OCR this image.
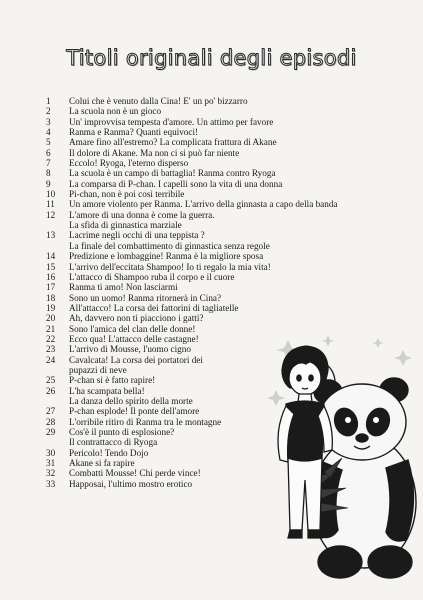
Titoli originali degli episodi
1	Colui che è venuto dalla Cina! E' un po' bizzarro
2	La scuola non è un gioco
3	Un' improvvisa tempesta d'amore. Un attimo per favore
4	Ranma e Ranma? Quanti equivoci!
5	Amare fino all'estremo? La complicata frattura di Akane
6	Il dolore di Akane. Ma non ci si può far niente
7	Eccolo! Ryoga, l'eterno disperso
8	La scuola è un campo di battaglia! Ranma contro Ryoga
9	La comparsa di P-chan. I capelli sono la vita di una donna
10	Pi-chan, non è poi così terribile
11	Un amore violento per Ranma. L'arrivo della ginnasta a capo della banda
12	L'amore di una donna è come la guerra.
La sfida di ginnastica marziale
13	Lacrime negli occhi di una teppista ?
La finale del combattimento di ginnastica senza regole
14	Predizione e lombaggine! Ranma è la migliore sposa
15	L'arrivo dell'eccitata Shampoo! Io ti regalo la mia vita!
16	L'attacco di Shampoo ruba il corpo e il cuore
17	Ranma ti amo! Non lasciarmi
18	Sono un uomo! Ranma ritornerà in Cina?
19	All'attacco! La corsa dei fattorini di tagliatelle
20	Ah, davvero non ti piacciono i gatti?
21	Sono l'amica del clan delle donne!
22	Ecco qua! L'attacco delle castagne!
23	L'arrivo di Mousse, l'uomo cigno
24	Cavalcata! La corsa dei portatori dei
pupazzi di neve
25	P-chan si è fatto rapire!
26	L'ha scampata bella!
La danza dello spirito della morte
27	P-chan esplode! Il ponte dell'amore
28	L'orribile ritiro di Ranma tra le montagne
29	Cos'è il punto di esplosione?
Il contrattacco di Ryoga
30	Pericolo! Tendo Dojo
31	Akane si fa rapire
32	Combatti Mousse! Chi perde vince!
33	Happosai, l'ultimo mostro erotico
